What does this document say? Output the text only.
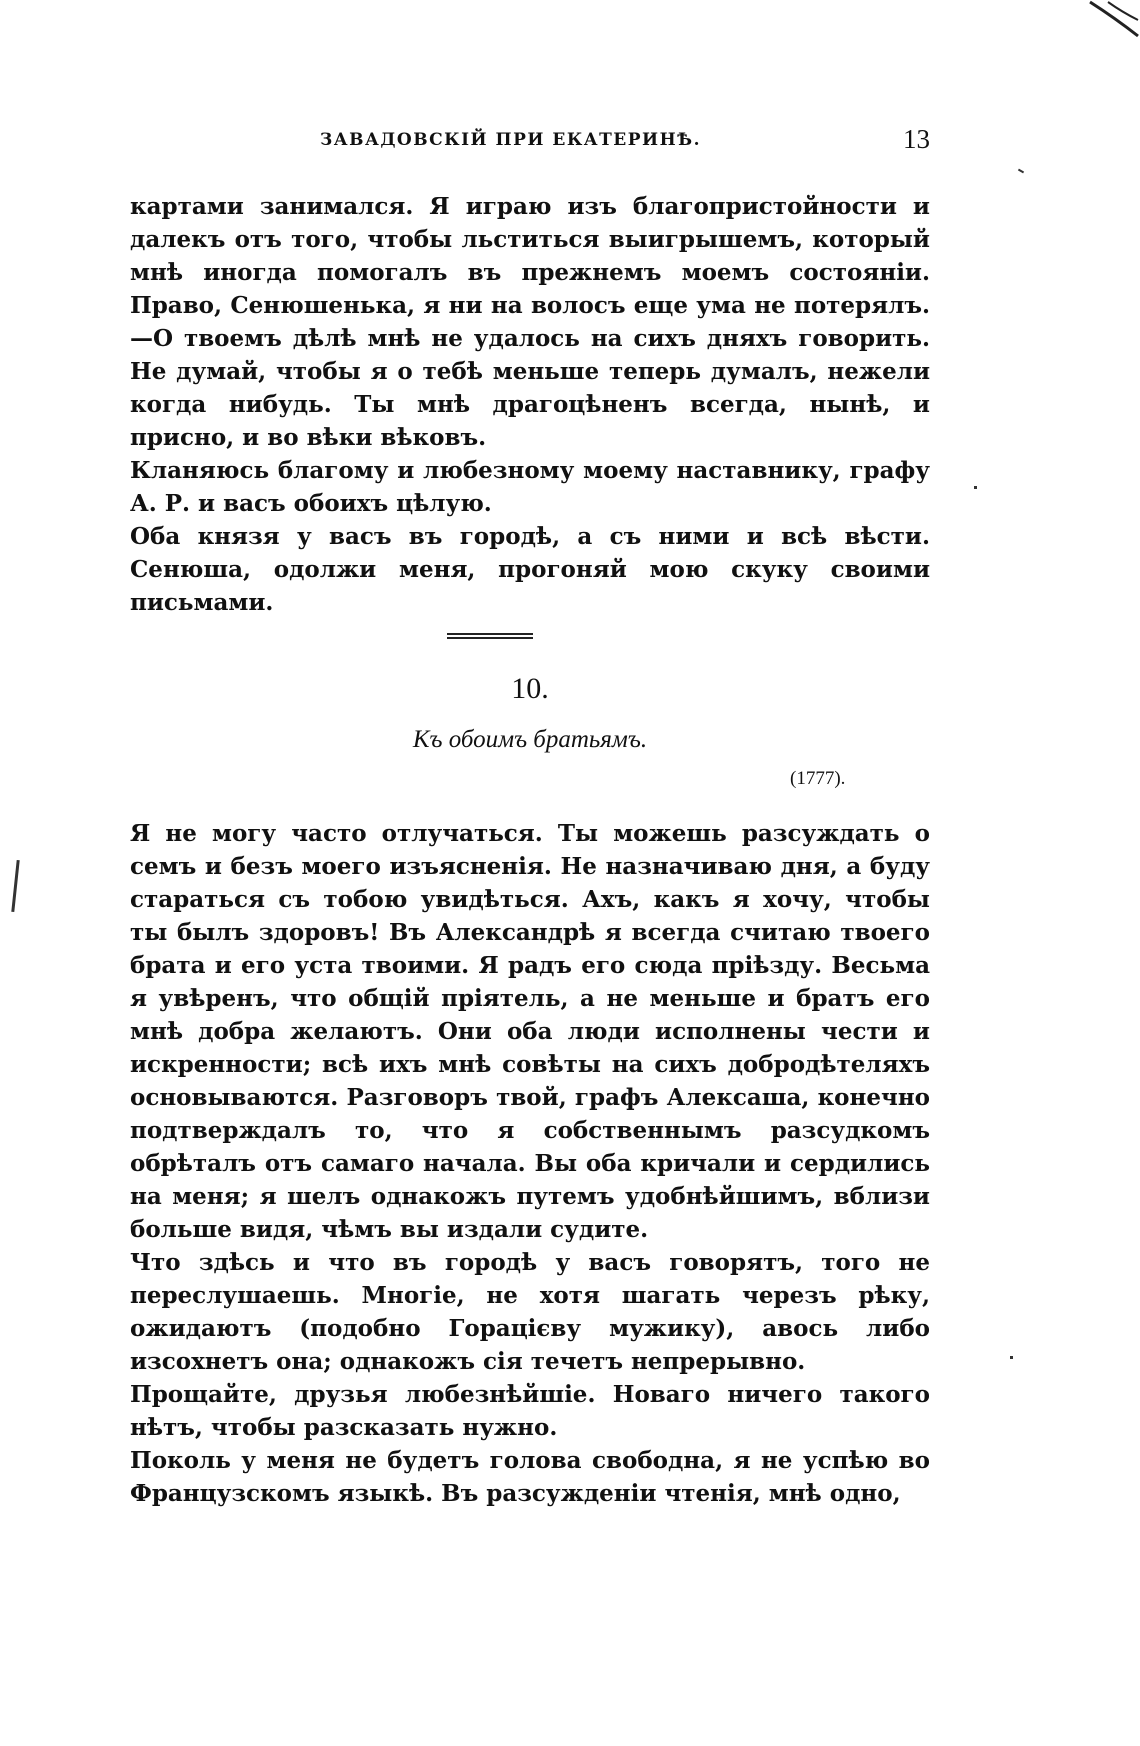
ЗАВАДОВСКІЙ ПРИ ЕКАТЕРИНѢ.	13

картами занимался. Я играю изъ благопристойности и далекъ отъ того, чтобы льститься выигрышемъ, который мнѣ иногда помогалъ въ прежнемъ моемъ состояніи. Право, Сенюшенька, я ни на волосъ еще ума не потерялъ.—О твоемъ дѣлѣ мнѣ не удалось на сихъ дняхъ говорить. Не думай, чтобы я о тебѣ меньше теперь думалъ, нежели когда нибудь. Ты мнѣ драгоцѣненъ всегда, нынѣ, и присно, и во вѣки вѣковъ.

Кланяюсь благому и любезному моему наставнику, графу А. Р. и васъ обоихъ цѣлую.

Оба князя у васъ въ городѣ, а съ ними и всѣ вѣсти. Сенюша, одолжи меня, прогоняй мою скуку своими письмами.

10.
Къ обоимъ братьямъ.
(1777).

Я не могу часто отлучаться. Ты можешь разсуждать о семъ и безъ моего изъясненія. Не назначиваю дня, а буду стараться съ тобою увидѣться. Ахъ, какъ я хочу, чтобы ты былъ здоровъ! Въ Александрѣ я всегда считаю твоего брата и его уста твоими. Я радъ его сюда пріѣзду. Весьма я увѣренъ, что общій пріятель, а не меньше и братъ его мнѣ добра желаютъ. Они оба люди исполнены чести и искренности; всѣ ихъ мнѣ совѣты на сихъ добродѣтеляхъ основываются. Разговоръ твой, графъ Алексаша, конечно подтверждалъ то, что я собственнымъ разсудкомъ обрѣталъ отъ самаго начала. Вы оба кричали и сердились на меня; я шелъ однакожъ путемъ удобнѣйшимъ, вблизи больше видя, чѣмъ вы издали судите.

Что здѣсь и что въ городѣ у васъ говорятъ, того не переслушаешь. Многіе, не хотя шагать черезъ рѣку, ожидаютъ (подобно Горацієву мужику), авось либо изсохнетъ она; однакожъ сія течетъ непрерывно.

Прощайте, друзья любезнѣйшіе. Новаго ничего такого нѣтъ, чтобы разсказать нужно.

Поколь у меня не будетъ голова свободна, я не успѣю во Французскомъ языкѣ. Въ разсужденіи чтенія, мнѣ одно,
